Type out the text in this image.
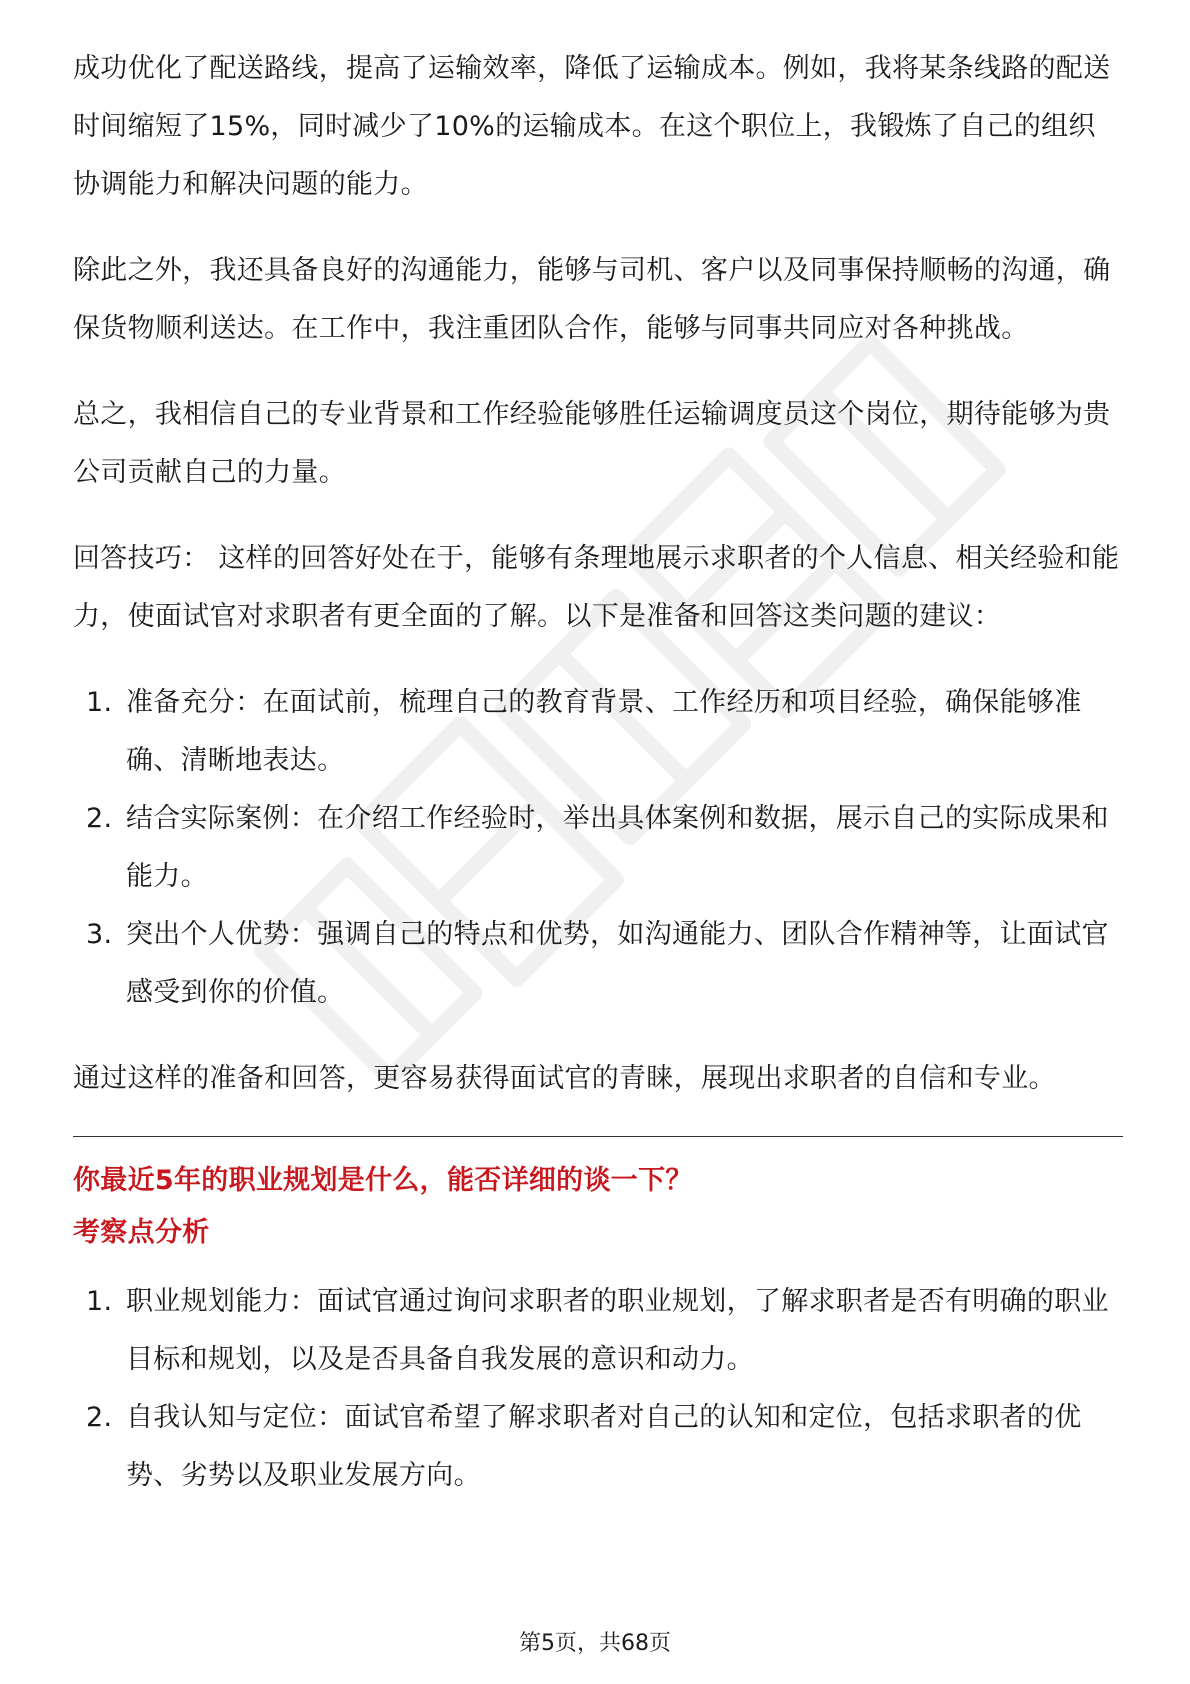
成功优化了配送路线，提高了运输效率，降低了运输成本。例如，我将某条线路的配送时间缩短了15%，同时减少了10%的运输成本。在这个职位上，我锻炼了自己的组织协调能力和解决问题的能力。

除此之外，我还具备良好的沟通能力，能够与司机、客户以及同事保持顺畅的沟通，确保货物顺利送达。在工作中，我注重团队合作，能够与同事共同应对各种挑战。

总之，我相信自己的专业背景和工作经验能够胜任运输调度员这个岗位，期待能够为贵公司贡献自己的力量。

回答技巧： 这样的回答好处在于，能够有条理地展示求职者的个人信息、相关经验和能力，使面试官对求职者有更全面的了解。以下是准备和回答这类问题的建议：

1. 准备充分：在面试前，梳理自己的教育背景、工作经历和项目经验，确保能够准确、清晰地表达。
2. 结合实际案例：在介绍工作经验时，举出具体案例和数据，展示自己的实际成果和能力。
3. 突出个人优势：强调自己的特点和优势，如沟通能力、团队合作精神等，让面试官感受到你的价值。

通过这样的准备和回答，更容易获得面试官的青睐，展现出求职者的自信和专业。

你最近5年的职业规划是什么，能否详细的谈一下？

考察点分析

1. 职业规划能力：面试官通过询问求职者的职业规划，了解求职者是否有明确的职业目标和规划，以及是否具备自我发展的意识和动力。
2. 自我认知与定位：面试官希望了解求职者对自己的认知和定位，包括求职者的优势、劣势以及职业发展方向。
第5页，共68页
